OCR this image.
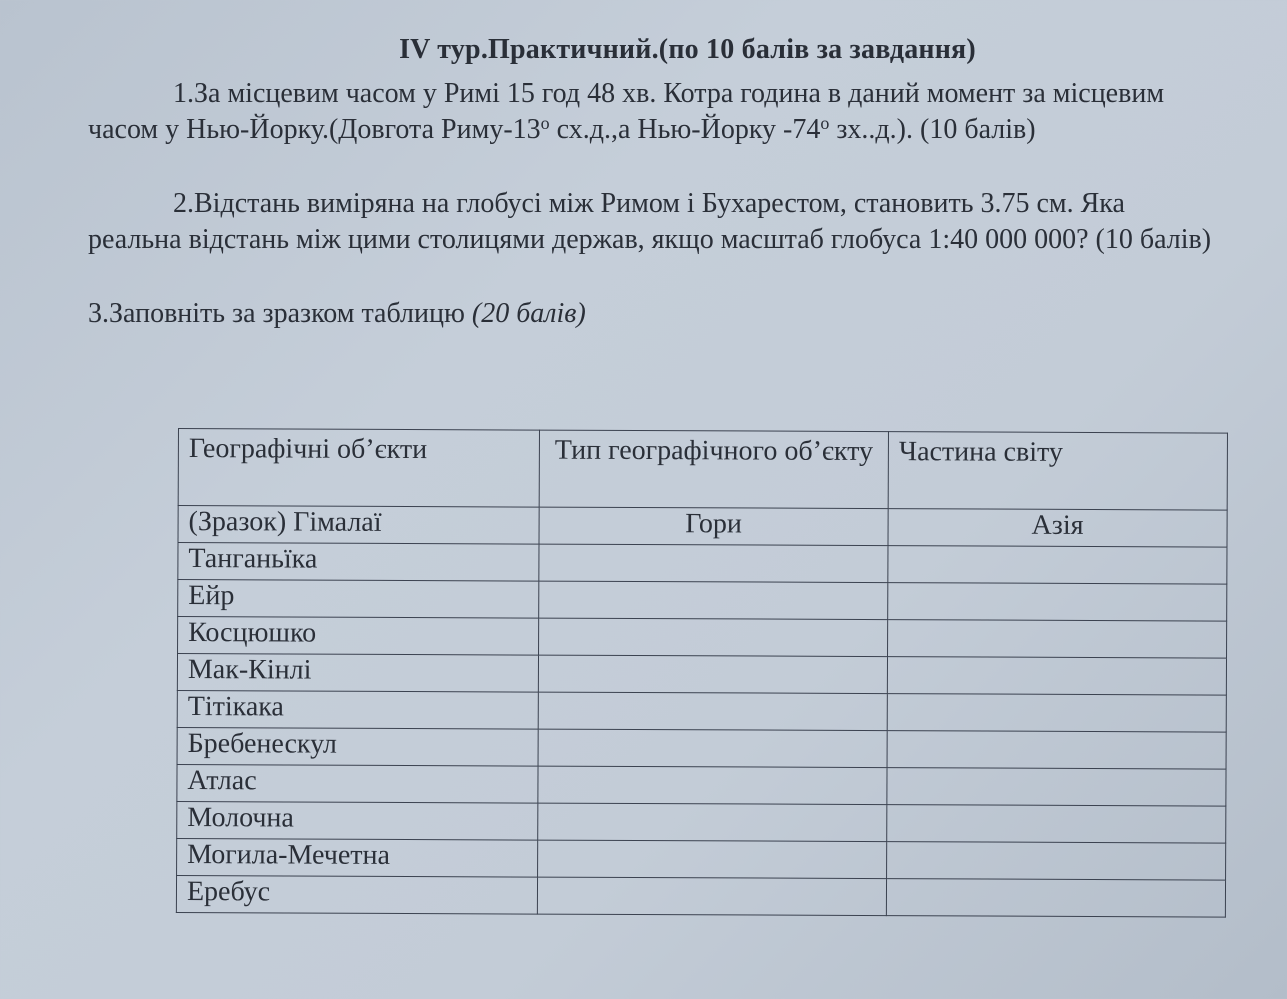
IV тур.Практичний.(по 10 балів за завдання)
1.За місцевим часом у Римі 15 год 48 хв. Котра година в даний момент за місцевим часом у Нью-Йорку.(Довгота Риму-$13^о$ сх.д.,а Нью-Йорку $-74^о$ зх..д.). (10 балів)
2.Відстань виміряна на глобусі між Римом і Бухарестом, становить 3.75 см. Яка реальна відстань між цими столицями держав, якщо масштаб глобуса 1:40 000 000? (10 балів)
3.Заповніть за зразком таблицю (20 балів)
Географічні об’єкти	Тип географічного об’єкту	Частина світу
(Зразок) Гімалаї	Гори	Азія
Танганьїка		
Ейр		
Косцюшко		
Мак-Кінлі		
Тітікака		
Бребенескул		
Атлас		
Молочна		
Могила-Мечетна		
Еребус		
